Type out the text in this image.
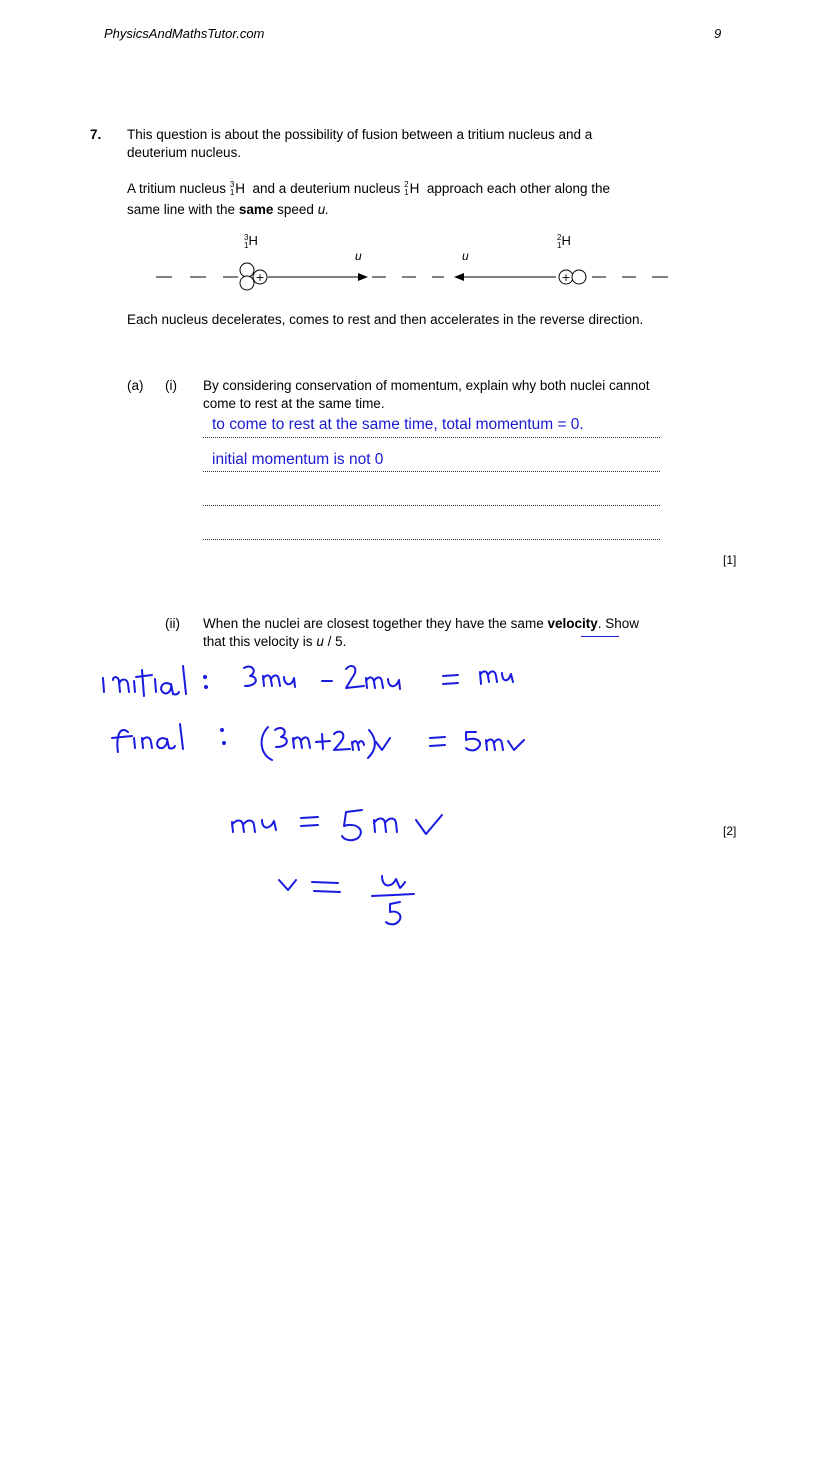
PhysicsAndMathsTutor.com	9
7. This question is about the possibility of fusion between a tritium nucleus and a
deuterium nucleus.
A tritium nucleus 3
1 H and a deuterium nucleus 2
1 H approach each other along the
same line with the same speed u.
+	+
3
1 H	2
1 H
u	u
Each nucleus decelerates, comes to rest and then accelerates in the reverse direction.
(a) (i) By considering conservation of momentum, explain why both nuclei cannot
come to rest at the same time.
to come to rest at the same time, total momentum = 0.
initial momentum is not 0
[1]
(ii) When the nuclei are closest together they have the same velocity. Show
that this velocity is u / 5.
[2]
